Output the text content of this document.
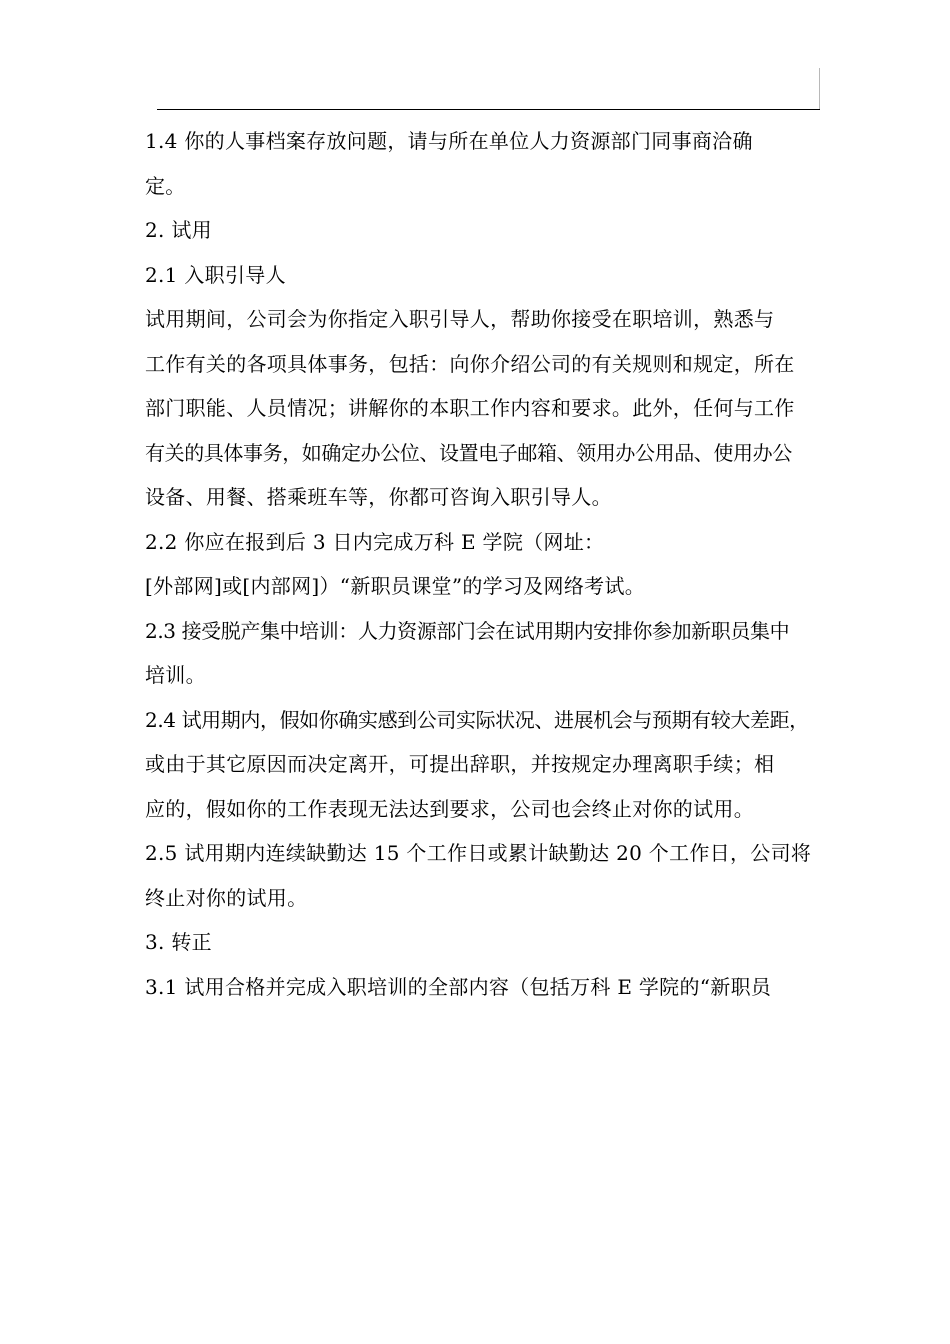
1.4 你的人事档案存放问题，请与所在单位人力资源部门同事商洽确
定。
2. 试用
2.1 入职引导人
试用期间，公司会为你指定入职引导人，帮助你接受在职培训，熟悉与
工作有关的各项具体事务，包括：向你介绍公司的有关规则和规定，所在
部门职能、人员情况；讲解你的本职工作内容和要求。此外，任何与工作
有关的具体事务，如确定办公位、设置电子邮箱、领用办公用品、使用办公
设备、用餐、搭乘班车等，你都可咨询入职引导人。
2.2 你应在报到后 3 日内完成万科 E 学院（网址：
[外部网]或[内部网]）“新职员课堂”的学习及网络考试。
2.3 接受脱产集中培训：人力资源部门会在试用期内安排你参加新职员集中
培训。
2.4 试用期内，假如你确实感到公司实际状况、进展机会与预期有较大差距，
或由于其它原因而决定离开，可提出辞职，并按规定办理离职手续；相
应的，假如你的工作表现无法达到要求，公司也会终止对你的试用。
2.5 试用期内连续缺勤达 15 个工作日或累计缺勤达 20 个工作日，公司将
终止对你的试用。
3. 转正
3.1 试用合格并完成入职培训的全部内容（包括万科 E 学院的“新职员
